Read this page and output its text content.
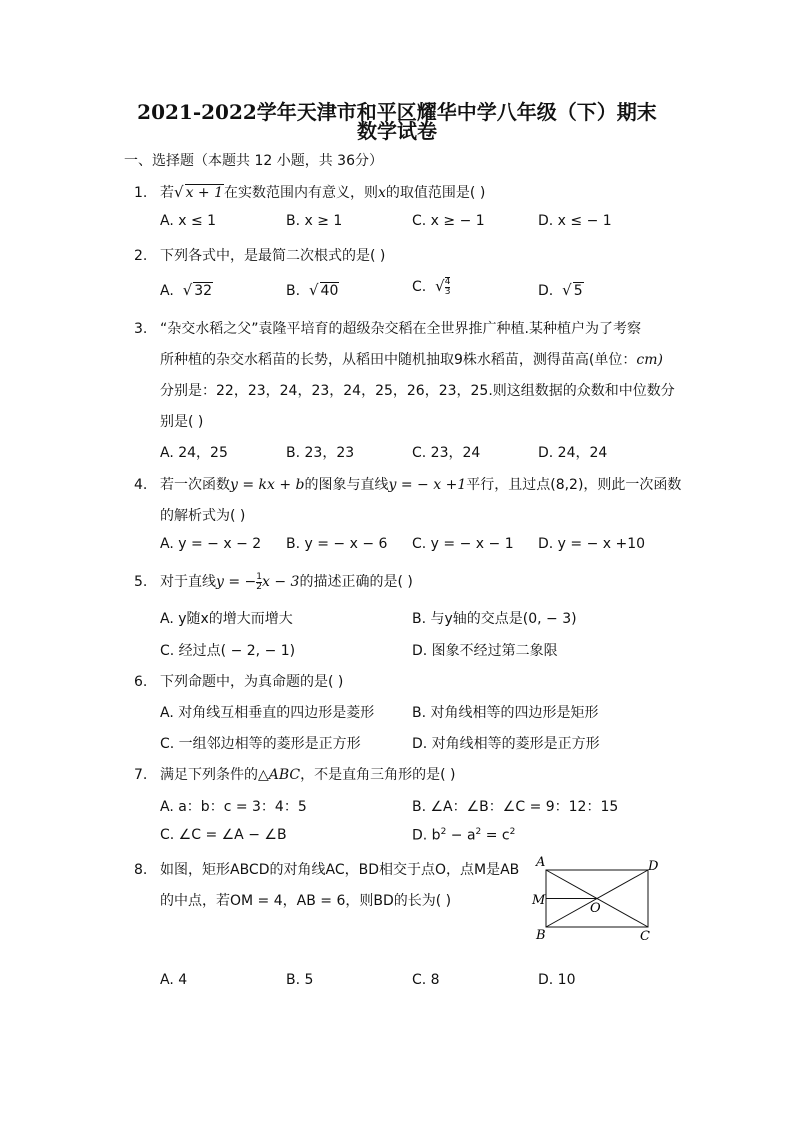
2021-2022学年天津市和平区耀华中学八年级（下）期末
数学试卷
一、选择题（本题共 12 小题，共 36分）
1. 若√ x + 1在实数范围内有意义，则x的取值范围是( )
A. x ≤ 1	B. x ≥ 1	C. x ≥ − 1	D. x ≤ − 1
2. 下列各式中，是最简二次根式的是( )
A. √ 32	B. √ 40	C. √ $\frac{4}{3}$	D. √ 5
3. “杂交水稻之父”袁隆平培育的超级杂交稻在全世界推广种植.某种植户为了考察
所种植的杂交水稻苗的长势，从稻田中随机抽取9株水稻苗，测得苗高(单位：cm)
分别是：22，23，24，23，24，25，26，23，25.则这组数据的众数和中位数分
别是( )
A. 24，25	B. 23，23	C. 23，24	D. 24，24
4. 若一次函数y = kx + b的图象与直线y = − x +1平行，且过点(8,2)，则此一次函数
的解析式为( )
A. y = − x − 2 B. y = − x − 6 C. y = − x − 1 D. y = − x +10
5. 对于直线y = − $\frac{1}{2}$ x − 3的描述正确的是( )
A. y随x的增大而增大	B. 与y轴的交点是(0, − 3)
C. 经过点( − 2, − 1)	D. 图象不经过第二象限
6. 下列命题中，为真命题的是( )
A. 对角线互相垂直的四边形是菱形	B. 对角线相等的四边形是矩形
C. 一组邻边相等的菱形是正方形	D. 对角线相等的菱形是正方形
7. 满足下列条件的△ABC，不是直角三角形的是( )
A. a：b：c = 3：4：5	B. ∠A：∠B：∠C = 9：12：15
C. ∠C = ∠A − ∠B	D. $b^2 - a^2 = c^2$
8. 如图，矩形ABCD的对角线AC，BD相交于点O，点M是AB
的中点，若OM = 4，AB = 6，则BD的长为( )
A	D
M
O
B	C
A. 4	B. 5	C. 8	D. 10
